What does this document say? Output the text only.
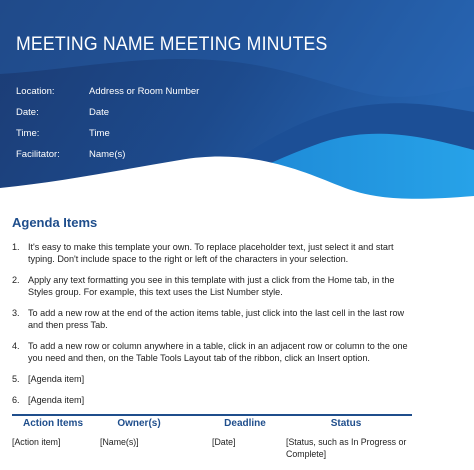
MEETING NAME MEETING MINUTES
Location:	Address or Room Number
Date:	Date
Time:	Time
Facilitator:	Name(s)
Agenda Items
1. It's easy to make this template your own. To replace placeholder text, just select it and start typing. Don't include space to the right or left of the characters in your selection.
2. Apply any text formatting you see in this template with just a click from the Home tab, in the Styles group. For example, this text uses the List Number style.
3. To add a new row at the end of the action items table, just click into the last cell in the last row and then press Tab.
4. To add a new row or column anywhere in a table, click in an adjacent row or column to the one you need and then, on the Table Tools Layout tab of the ribbon, click an Insert option.
5. [Agenda item]
6. [Agenda item]
Action Items	Owner(s)	Deadline	Status
[Action item]	[Name(s)]	[Date]	[Status, such as In Progress or Complete]
